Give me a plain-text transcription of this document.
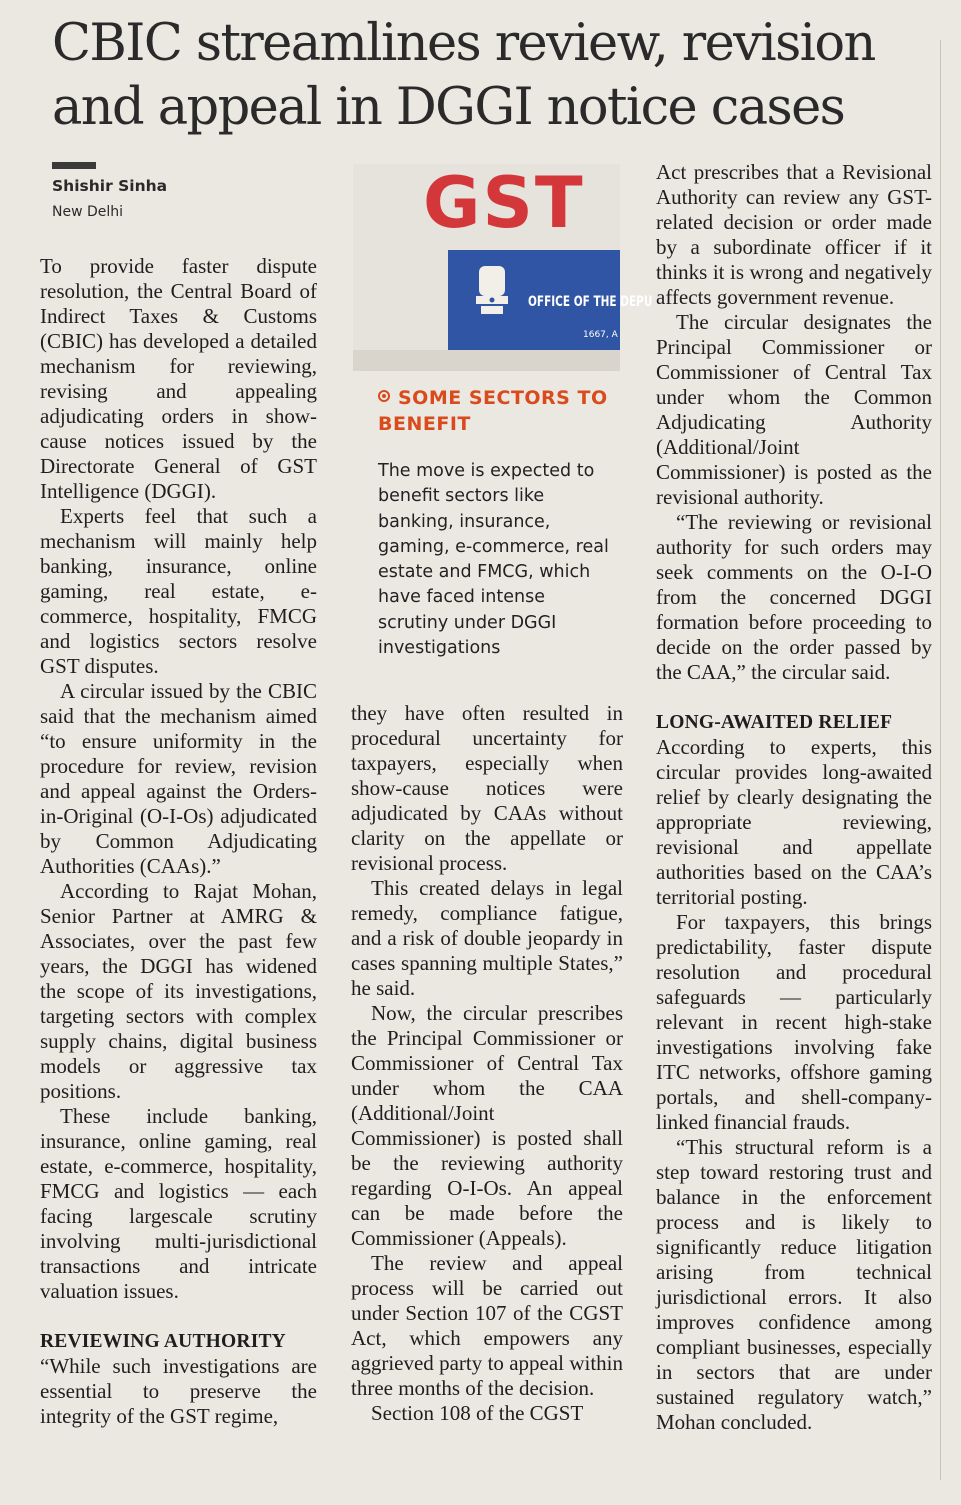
CBIC streamlines review, revision and appeal in DGGI notice cases
Shishir Sinha
New Delhi

To provide faster dispute resolution, the Central Board of Indirect Taxes & Customs (CBIC) has developed a detailed mechanism for reviewing, revising and appealing adjudicating orders in show-cause notices issued by the Directorate General of GST Intelligence (DGGI).

Experts feel that such a mechanism will mainly help banking, insurance, online gaming, real estate, e-commerce, hospitality, FMCG and logistics sectors resolve GST disputes.

A circular issued by the CBIC said that the mechanism aimed “to ensure uniformity in the procedure for review, revision and appeal against the Orders-in-Original (O-I-Os) adjudicated by Common Adjudicating Authorities (CAAs).”

According to Rajat Mohan, Senior Partner at AMRG & Associates, over the past few years, the DGGI has widened the scope of its investigations, targeting sectors with complex supply chains, digital business models or aggressive tax positions.

These include banking, insurance, online gaming, real estate, e-commerce, hospitality, FMCG and logistics — each facing largescale scrutiny involving multi-jurisdictional transactions and intricate valuation issues.

REVIEWING AUTHORITY

“While such investigations are essential to preserve the integrity of the GST regime,

GST
OFFICE OF THE DEPU
1667, A
SOME SECTORS TO BENEFIT
The move is expected to benefit sectors like banking, insurance, gaming, e-commerce, real estate and FMCG, which have faced intense scrutiny under DGGI investigations

they have often resulted in procedural uncertainty for taxpayers, especially when show-cause notices were adjudicated by CAAs without clarity on the appellate or revisional process.

This created delays in legal remedy, compliance fatigue, and a risk of double jeopardy in cases spanning multiple States,” he said.

Now, the circular prescribes the Principal Commissioner or Commissioner of Central Tax under whom the CAA (Additional/Joint Commissioner) is posted shall be the reviewing authority regarding O-I-Os. An appeal can be made before the Commissioner (Appeals).

The review and appeal process will be carried out under Section 107 of the CGST Act, which empowers any aggrieved party to appeal within three months of the decision.

Section 108 of the CGST

Act prescribes that a Revisional Authority can review any GST-related decision or order made by a subordinate officer if it thinks it is wrong and negatively affects government revenue.

The circular designates the Principal Commissioner or Commissioner of Central Tax under whom the Common Adjudicating Authority (Additional/Joint Commissioner) is posted as the revisional authority.

“The reviewing or revisional authority for such orders may seek comments on the O-I-O from the concerned DGGI formation before proceeding to decide on the order passed by the CAA,” the circular said.

LONG-AWAITED RELIEF

According to experts, this circular provides long-awaited relief by clearly designating the appropriate reviewing, revisional and appellate authorities based on the CAA’s territorial posting.

For taxpayers, this brings predictability, faster dispute resolution and procedural safeguards — particularly relevant in recent high-stake investigations involving fake ITC networks, offshore gaming portals, and shell-company-linked financial frauds.

“This structural reform is a step toward restoring trust and balance in the enforcement process and is likely to significantly reduce litigation arising from technical jurisdictional errors. It also improves confidence among compliant businesses, especially in sectors that are under sustained regulatory watch,” Mohan concluded.
